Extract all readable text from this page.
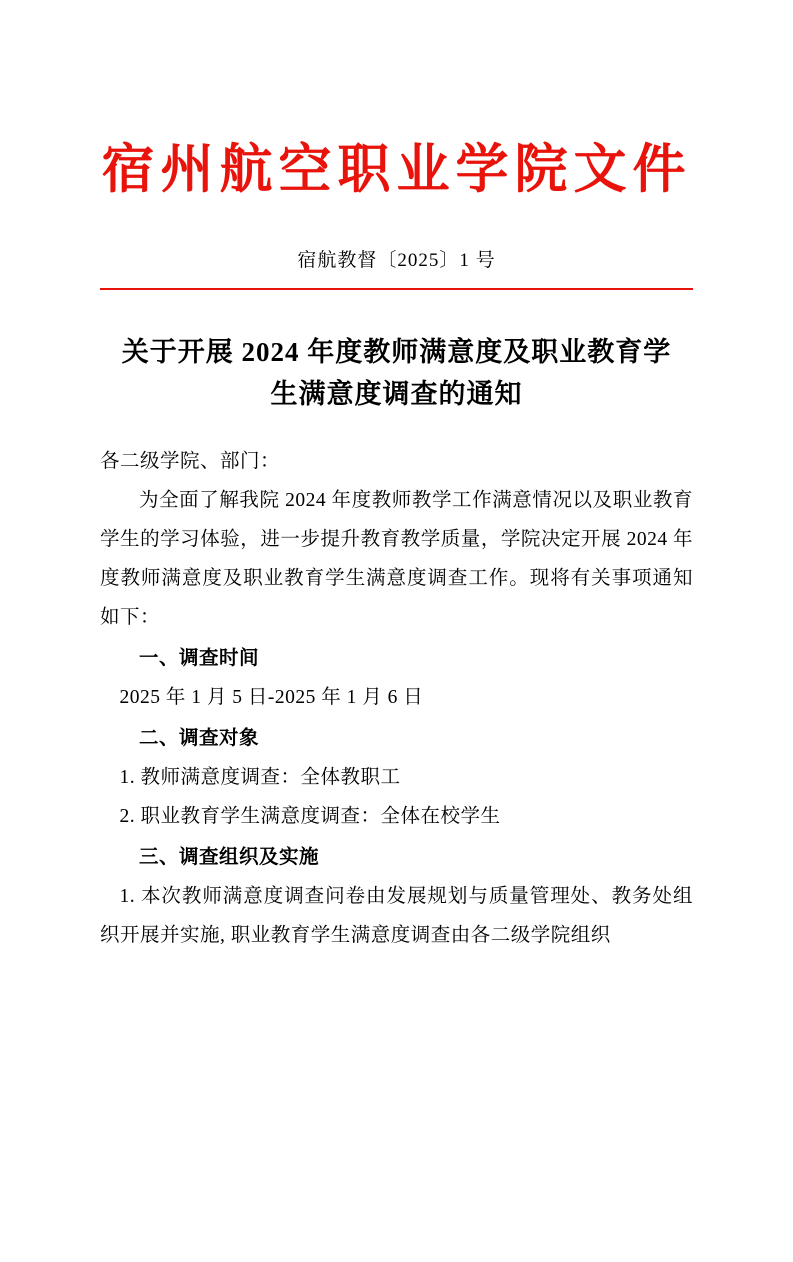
宿州航空职业学院文件
宿航教督〔2025〕1 号
关于开展 2024 年度教师满意度及职业教育学生满意度调查的通知
各二级学院、部门：
为全面了解我院 2024 年度教师教学工作满意情况以及职业教育学生的学习体验，进一步提升教育教学质量，学院决定开展 2024 年度教师满意度及职业教育学生满意度调查工作。现将有关事项通知如下：
一、调查时间
2025 年 1 月 5 日-2025 年 1 月 6 日
二、调查对象
1. 教师满意度调查：全体教职工
2. 职业教育学生满意度调查：全体在校学生
三、调查组织及实施
1. 本次教师满意度调查问卷由发展规划与质量管理处、教务处组织开展并实施, 职业教育学生满意度调查由各二级学院组织
